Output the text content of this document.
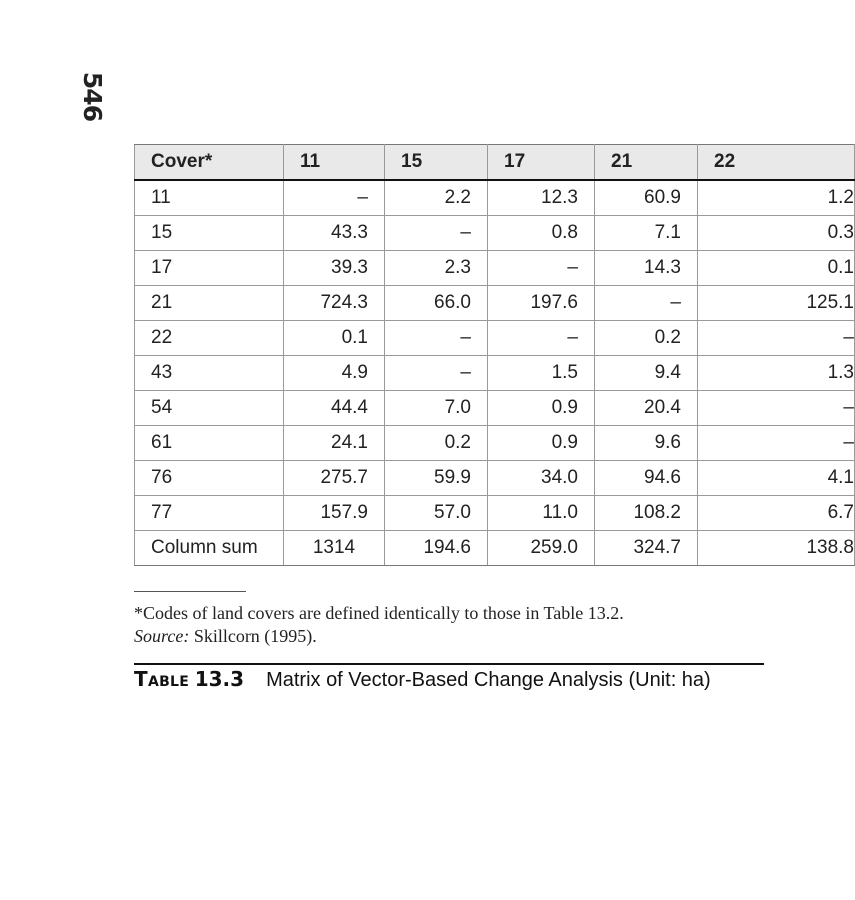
546
Cover*	11	15	17	21	22
11	–	2.2	12.3	60.9	1.2
15	43.3	–	0.8	7.1	0.3
17	39.3	2.3	–	14.3	0.1
21	724.3	66.0	197.6	–	125.1
22	0.1	–	–	0.2	–
43	4.9	–	1.5	9.4	1.3
54	44.4	7.0	0.9	20.4	–
61	24.1	0.2	0.9	9.6	–
76	275.7	59.9	34.0	94.6	4.1
77	157.9	57.0	11.0	108.2	6.7
Column sum	1314	194.6	259.0	324.7	138.8
*Codes of land covers are defined identically to those in Table 13.2.
Source: Skillcorn (1995).
Table 13.3 Matrix of Vector-Based Change Analysis (Unit: ha)
